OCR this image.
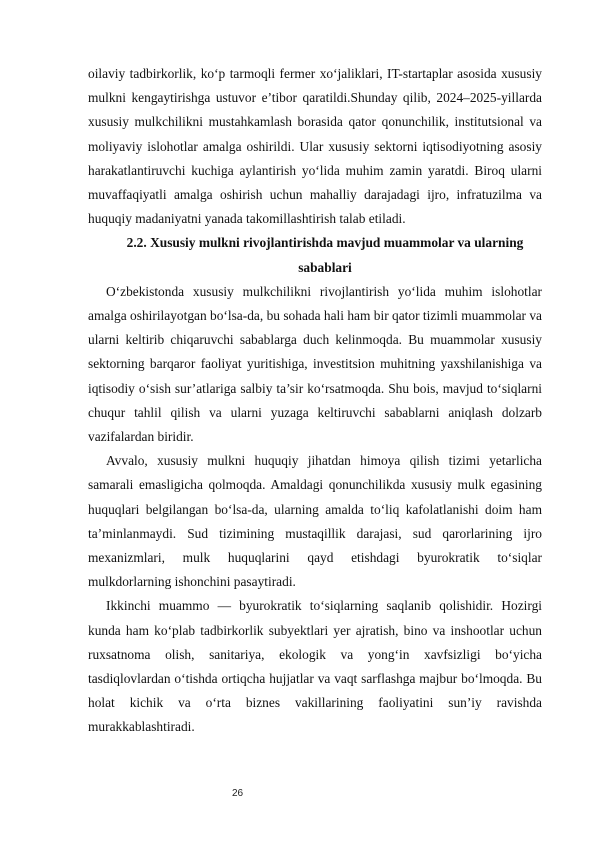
oilaviy tadbirkorlik, ko‘p tarmoqli fermer xo‘jaliklari, IT-startaplar asosida xususiy mulkni kengaytirishga ustuvor e’tibor qaratildi.Shunday qilib, 2024–2025-yillarda xususiy mulkchilikni mustahkamlash borasida qator qonunchilik, institutsional va moliyaviy islohotlar amalga oshirildi. Ular xususiy sektorni iqtisodiyotning asosiy harakatlantiruvchi kuchiga aylantirish yo‘lida muhim zamin yaratdi. Biroq ularni muvaffaqiyatli amalga oshirish uchun mahalliy darajadagi ijro, infratuzilma va huquqiy madaniyatni yanada takomillashtirish talab etiladi.

2.2. Xususiy mulkni rivojlantirishda mavjud muammolar va ularning sabablari

O‘zbekistonda xususiy mulkchilikni rivojlantirish yo‘lida muhim islohotlar amalga oshirilayotgan bo‘lsa-da, bu sohada hali ham bir qator tizimli muammolar va ularni keltirib chiqaruvchi sabablarga duch kelinmoqda. Bu muammolar xususiy sektorning barqaror faoliyat yuritishiga, investitsion muhitning yaxshilanishiga va iqtisodiy o‘sish sur’atlariga salbiy ta’sir ko‘rsatmoqda. Shu bois, mavjud to‘siqlarni chuqur tahlil qilish va ularni yuzaga keltiruvchi sabablarni aniqlash dolzarb vazifalardan biridir.

Avvalo, xususiy mulkni huquqiy jihatdan himoya qilish tizimi yetarlicha samarali emasligicha qolmoqda. Amaldagi qonunchilikda xususiy mulk egasining huquqlari belgilangan bo‘lsa-da, ularning amalda to‘liq kafolatlanishi doim ham ta’minlanmaydi. Sud tizimining mustaqillik darajasi, sud qarorlarining ijro mexanizmlari, mulk huquqlarini qayd etishdagi byurokratik to‘siqlar mulkdorlarning ishonchini pasaytiradi.

Ikkinchi muammo — byurokratik to‘siqlarning saqlanib qolishidir. Hozirgi kunda ham ko‘plab tadbirkorlik subyektlari yer ajratish, bino va inshootlar uchun ruxsatnoma olish, sanitariya, ekologik va yong‘in xavfsizligi bo‘yicha tasdiqlovlardan o‘tishda ortiqcha hujjatlar va vaqt sarflashga majbur bo‘lmoqda. Bu holat kichik va o‘rta biznes vakillarining faoliyatini sun’iy ravishda murakkablashtiradi.

26
